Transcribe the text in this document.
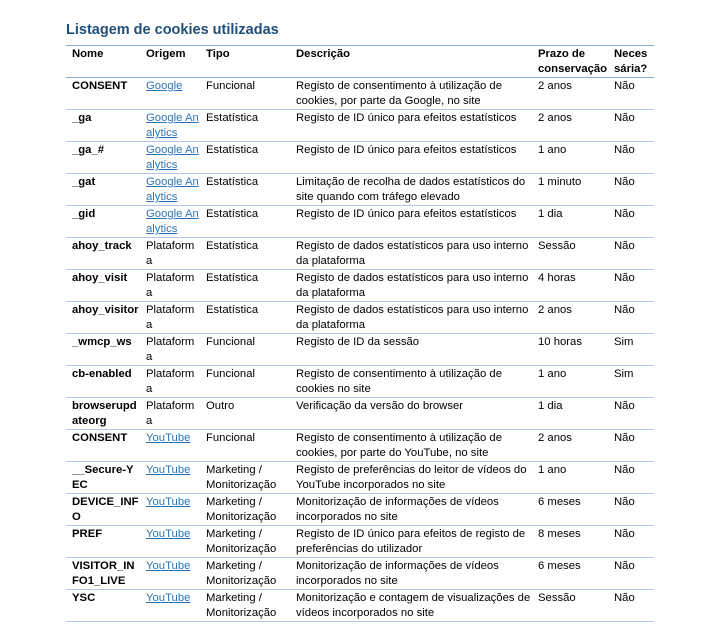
Listagem de cookies utilizadas
Nome	Origem	Tipo	Descrição	Prazo de conservação	Neces sária?
CONSENT	Google	Funcional	Registo de consentimento à utilização de cookies, por parte da Google, no site	2 anos	Não
_ga	Google Analytics	Estatística	Registo de ID único para efeitos estatísticos	2 anos	Não
_ga_#	Google Analytics	Estatística	Registo de ID único para efeitos estatísticos	1 ano	Não
_gat	Google Analytics	Estatística	Limitação de recolha de dados estatísticos do site quando com tráfego elevado	1 minuto	Não
_gid	Google Analytics	Estatística	Registo de ID único para efeitos estatísticos	1 dia	Não
ahoy_track	Plataforma	Estatística	Registo de dados estatísticos para uso interno da plataforma	Sessão	Não
ahoy_visit	Plataforma	Estatística	Registo de dados estatísticos para uso interno da plataforma	4 horas	Não
ahoy_visitor	Plataforma	Estatística	Registo de dados estatísticos para uso interno da plataforma	2 anos	Não
_wmcp_ws	Plataforma	Funcional	Registo de ID da sessão	10 horas	Sim
cb-enabled	Plataforma	Funcional	Registo de consentimento à utilização de cookies no site	1 ano	Sim
browserupdateorg	Plataforma	Outro	Verificação da versão do browser	1 dia	Não
CONSENT	YouTube	Funcional	Registo de consentimento à utilização de cookies, por parte do YouTube, no site	2 anos	Não
__Secure-YEC	YouTube	Marketing / Monitorização	Registo de preferências do leitor de vídeos do YouTube incorporados no site	1 ano	Não
DEVICE_INFO	YouTube	Marketing / Monitorização	Monitorização de informações de vídeos incorporados no site	6 meses	Não
PREF	YouTube	Marketing / Monitorização	Registo de ID único para efeitos de registo de preferências do utilizador	8 meses	Não
VISITOR_INFO1_LIVE	YouTube	Marketing / Monitorização	Monitorização de informações de vídeos incorporados no site	6 meses	Não
YSC	YouTube	Marketing / Monitorização	Monitorização e contagem de visualizações de vídeos incorporados no site	Sessão	Não
